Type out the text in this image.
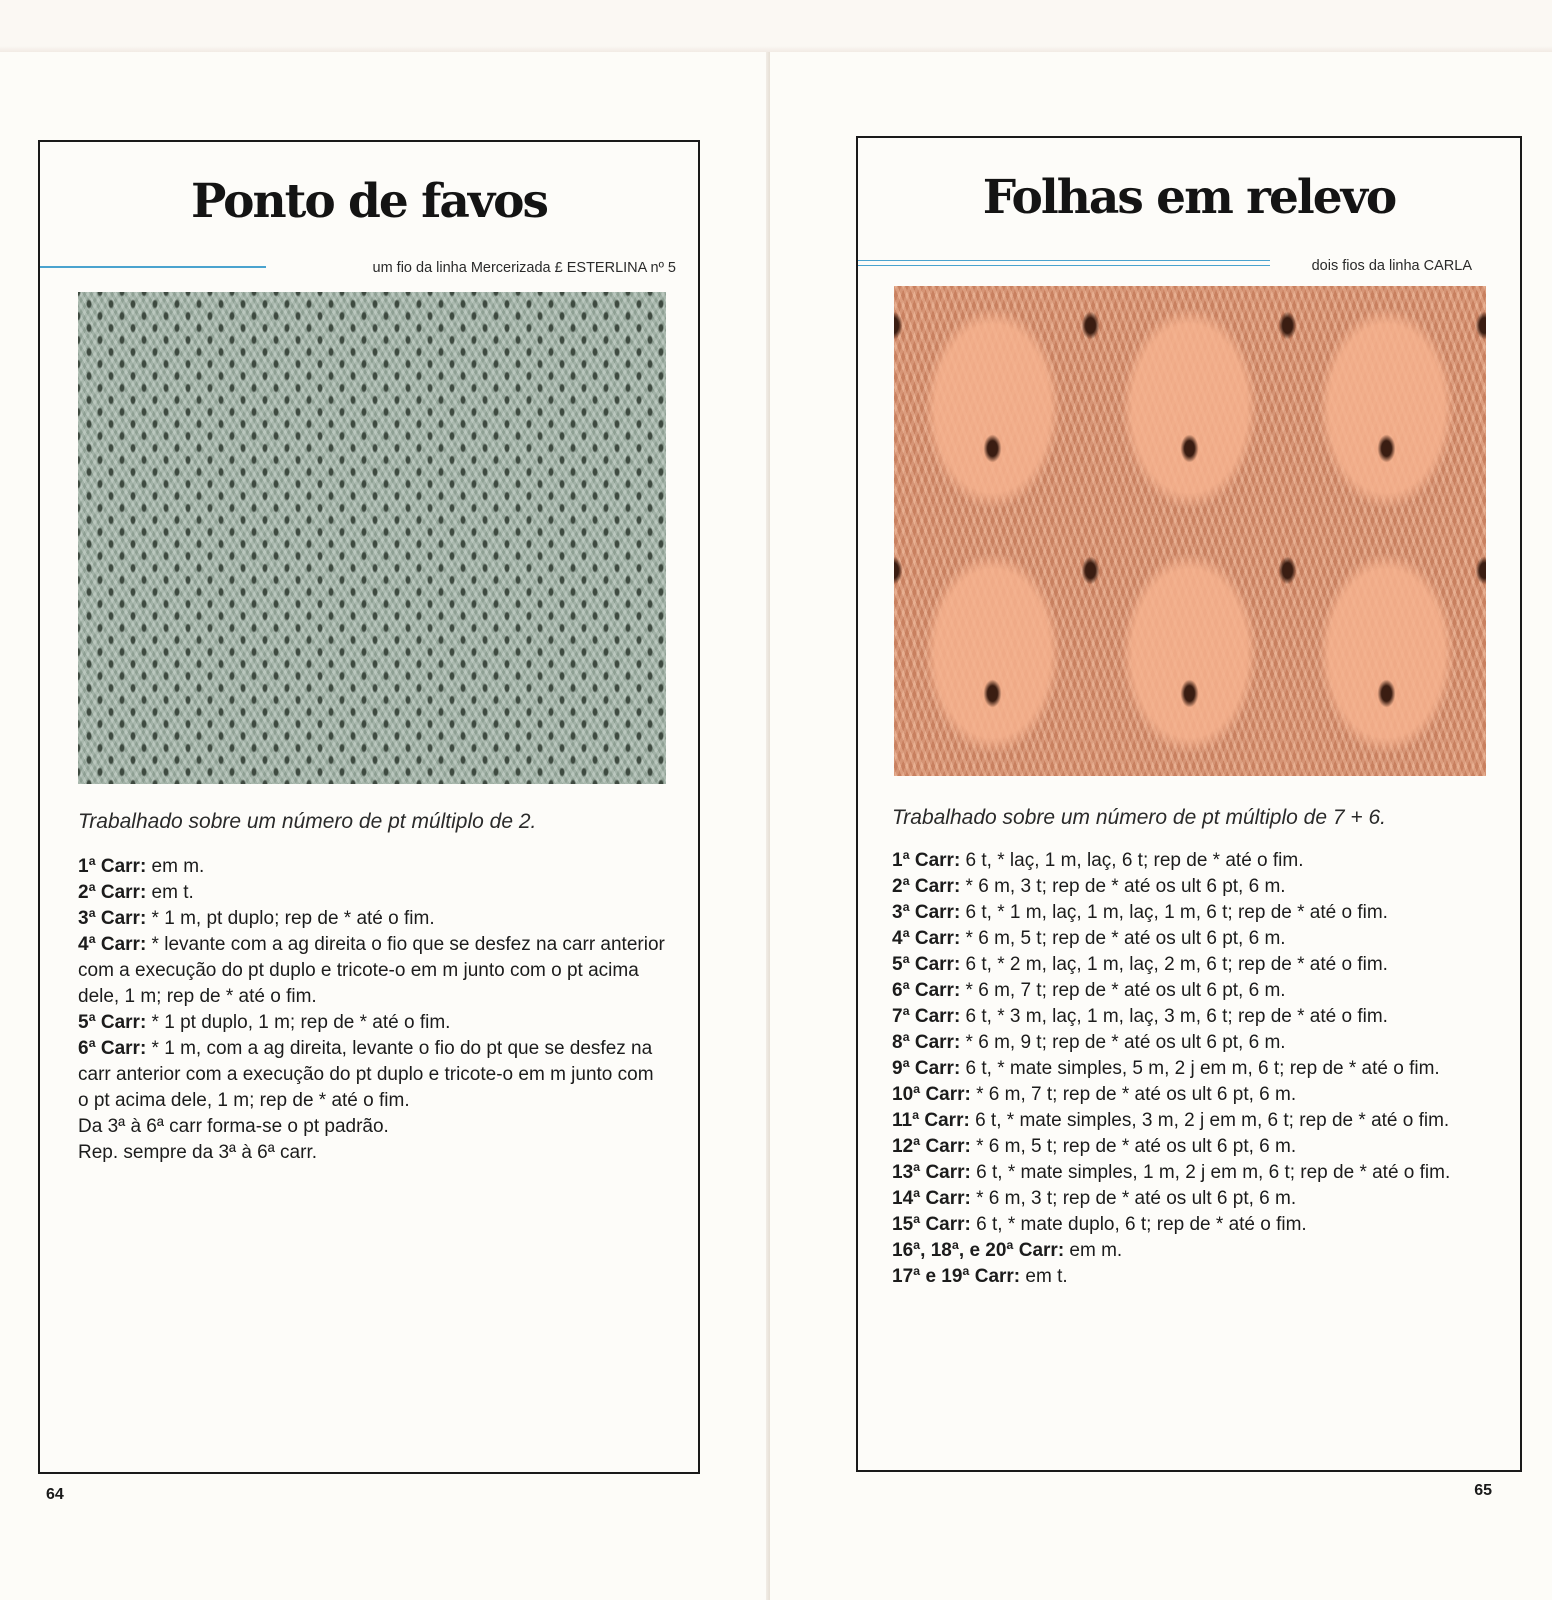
Ponto de favos
um fio da linha Mercerizada £ ESTERLINA nº 5

Trabalhado sobre um número de pt múltiplo de 2.

1ª Carr: em m.
2ª Carr: em t.
3ª Carr: * 1 m, pt duplo; rep de * até o fim.
4ª Carr: * levante com a ag direita o fio que se desfez na carr anterior com a execução do pt duplo e tricote-o em m junto com o pt acima dele, 1 m; rep de * até o fim.
5ª Carr: * 1 pt duplo, 1 m; rep de * até o fim.
6ª Carr: * 1 m, com a ag direita, levante o fio do pt que se desfez na carr anterior com a execução do pt duplo e tricote-o em m junto com o pt acima dele, 1 m; rep de * até o fim.
Da 3ª à 6ª carr forma-se o pt padrão.
Rep. sempre da 3ª à 6ª carr.
64
Folhas em relevo
dois fios da linha CARLA

Trabalhado sobre um número de pt múltiplo de 7 + 6.

1ª Carr: 6 t, * laç, 1 m, laç, 6 t; rep de * até o fim.
2ª Carr: * 6 m, 3 t; rep de * até os ult 6 pt, 6 m.
3ª Carr: 6 t, * 1 m, laç, 1 m, laç, 1 m, 6 t; rep de * até o fim.
4ª Carr: * 6 m, 5 t; rep de * até os ult 6 pt, 6 m.
5ª Carr: 6 t, * 2 m, laç, 1 m, laç, 2 m, 6 t; rep de * até o fim.
6ª Carr: * 6 m, 7 t; rep de * até os ult 6 pt, 6 m.
7ª Carr: 6 t, * 3 m, laç, 1 m, laç, 3 m, 6 t; rep de * até o fim.
8ª Carr: * 6 m, 9 t; rep de * até os ult 6 pt, 6 m.
9ª Carr: 6 t, * mate simples, 5 m, 2 j em m, 6 t; rep de * até o fim.
10ª Carr: * 6 m, 7 t; rep de * até os ult 6 pt, 6 m.
11ª Carr: 6 t, * mate simples, 3 m, 2 j em m, 6 t; rep de * até o fim.
12ª Carr: * 6 m, 5 t; rep de * até os ult 6 pt, 6 m.
13ª Carr: 6 t, * mate simples, 1 m, 2 j em m, 6 t; rep de * até o fim.
14ª Carr: * 6 m, 3 t; rep de * até os ult 6 pt, 6 m.
15ª Carr: 6 t, * mate duplo, 6 t; rep de * até o fim.
16ª, 18ª, e 20ª Carr: em m.
17ª e 19ª Carr: em t.
65
